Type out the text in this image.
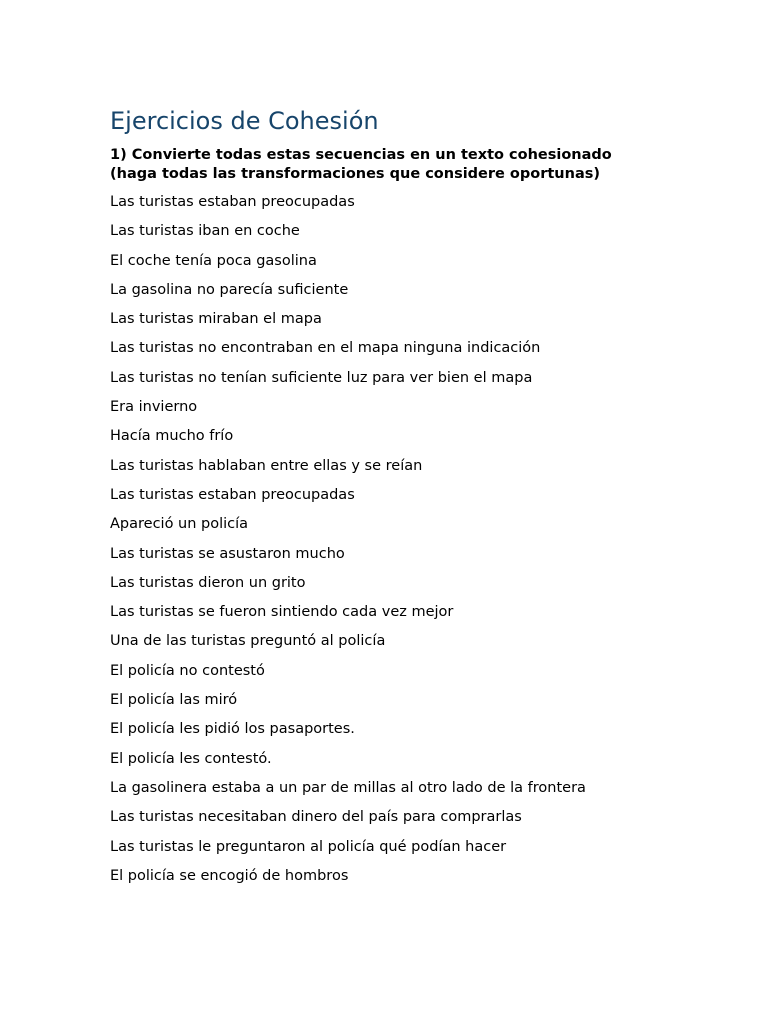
Ejercicios de Cohesión

1) Convierte todas estas secuencias en un texto cohesionado
(haga todas las transformaciones que considere oportunas)

Las turistas estaban preocupadas
Las turistas iban en coche
El coche tenía poca gasolina
La gasolina no parecía suficiente
Las turistas miraban el mapa
Las turistas no encontraban en el mapa ninguna indicación
Las turistas no tenían suficiente luz para ver bien el mapa
Era invierno
Hacía mucho frío
Las turistas hablaban entre ellas y se reían
Las turistas estaban preocupadas
Apareció un policía
Las turistas se asustaron mucho
Las turistas dieron un grito
Las turistas se fueron sintiendo cada vez mejor
Una de las turistas preguntó al policía
El policía no contestó
El policía las miró
El policía les pidió los pasaportes.
El policía les contestó.
La gasolinera estaba a un par de millas al otro lado de la frontera
Las turistas necesitaban dinero del país para comprarlas
Las turistas le preguntaron al policía qué podían hacer
El policía se encogió de hombros
